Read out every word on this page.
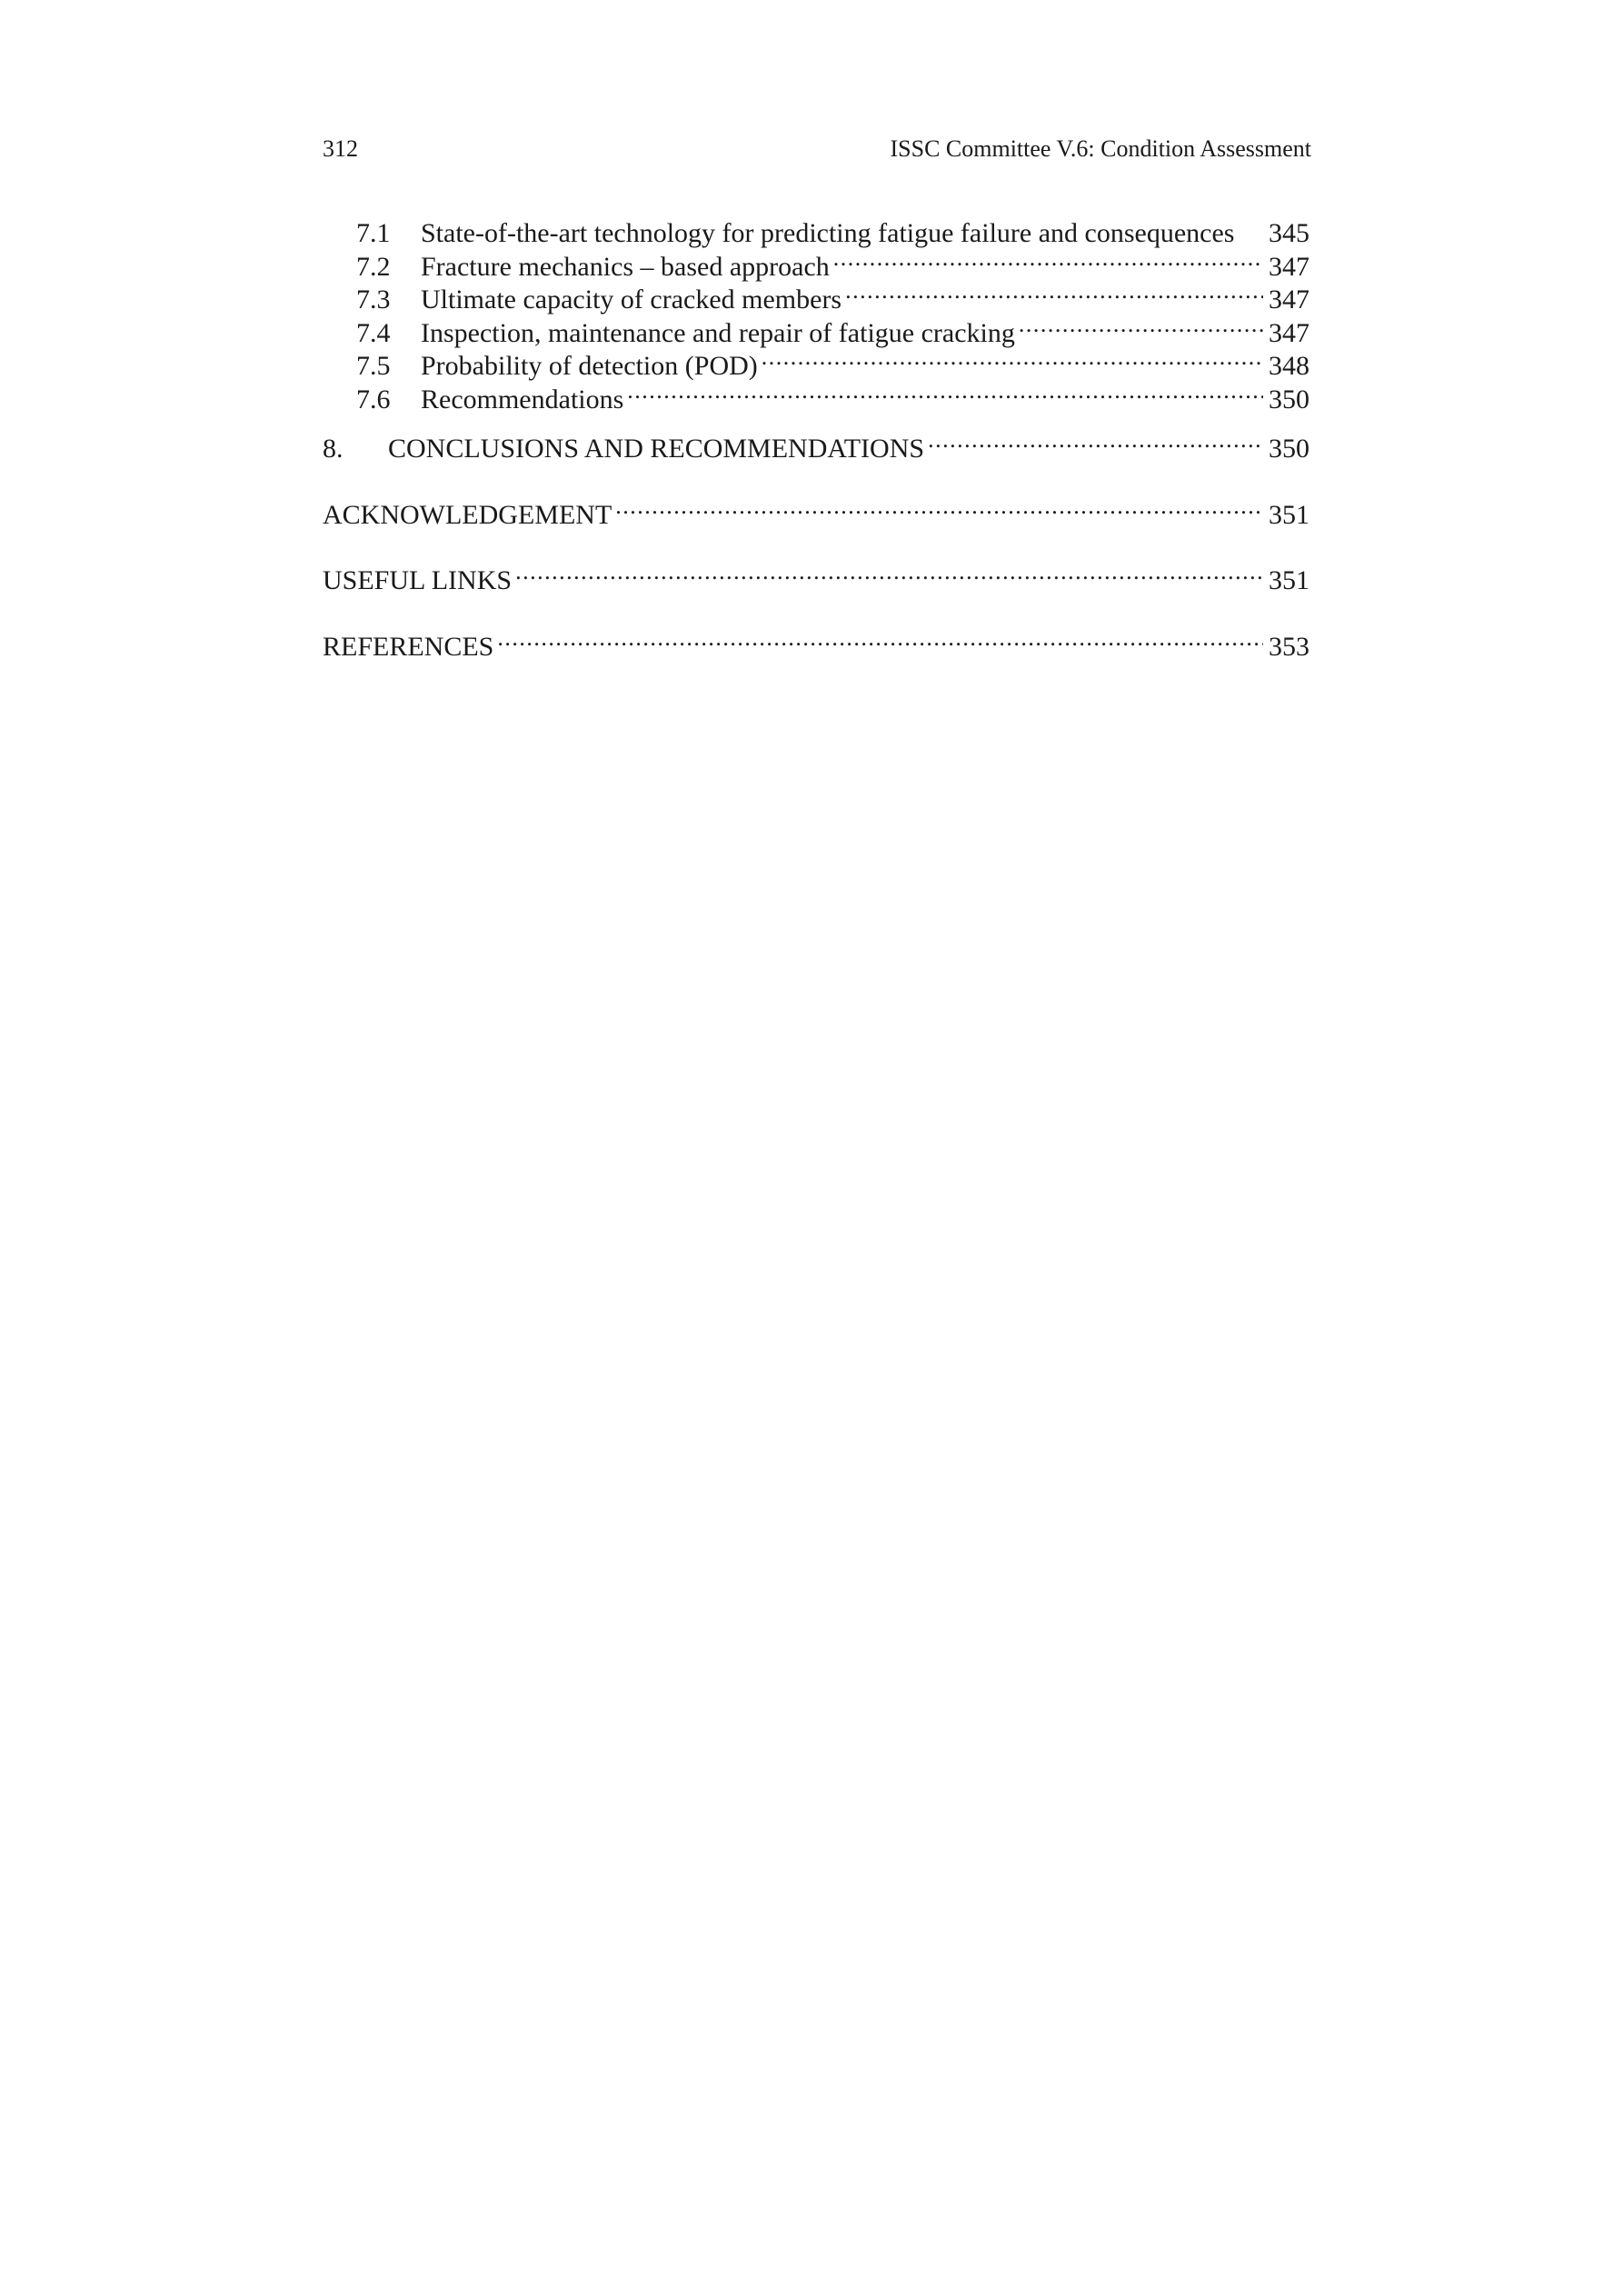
312	ISSC Committee V.6: Condition Assessment
7.1	State-of-the-art technology for predicting fatigue failure and consequences 345
7.2	Fracture mechanics – based approach .....	347
7.3	Ultimate capacity of cracked members .....	347
7.4	Inspection, maintenance and repair of fatigue cracking .....	347
7.5	Probability of detection (POD) .....	348
7.6	Recommendations .....	350
8.	CONCLUSIONS AND RECOMMENDATIONS .....	350
ACKNOWLEDGEMENT .....	351
USEFUL LINKS .....	351
REFERENCES .....	353
